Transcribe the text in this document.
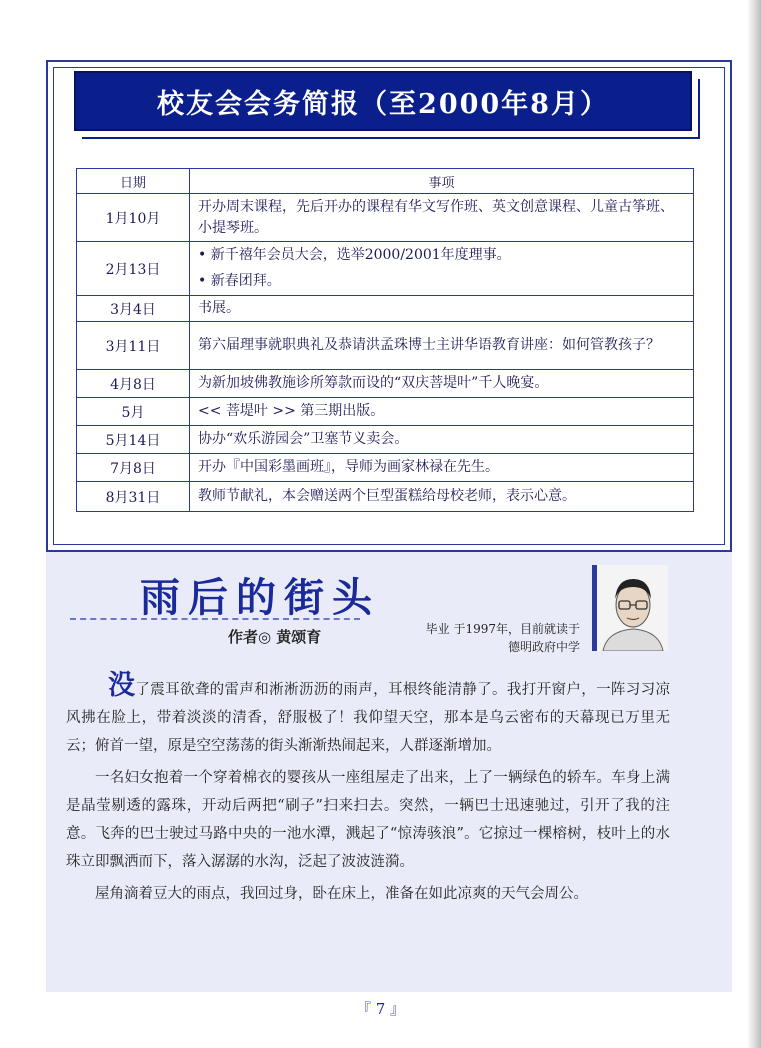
校友会会务简报（至2000年8月）
日期	事项
1月10月	开办周末课程，先后开办的课程有华文写作班、英文创意课程、儿童古筝班、小提琴班。
2月13日	• 新千禧年会员大会，选举2000/2001年度理事。
• 新春团拜。

3月4日	书展。
3月11日	第六届理事就职典礼及恭请洪孟珠博士主讲华语教育讲座：如何管教孩子？
4月8日	为新加坡佛教施诊所筹款而设的“双庆菩堤叶”千人晚宴。
5月	<< 菩堤叶 >> 第三期出版。
5月14日	协办“欢乐游园会”卫塞节义卖会。
7月8日	开办『中国彩墨画班』，导师为画家林禄在先生。
8月31日	教师节献礼，本会赠送两个巨型蛋糕给母校老师，表示心意。
雨后的街头
作者◎ 黄颂育	毕业 于1997年，目前就读于
德明政府中学

没了震耳欲聋的雷声和淅淅沥沥的雨声，耳根终能清静了。我打开窗户，一阵习习凉风拂在脸上，带着淡淡的清香，舒服极了！我仰望天空，那本是乌云密布的天幕现已万里无云；俯首一望，原是空空荡荡的街头渐渐热闹起来，人群逐渐增加。

一名妇女抱着一个穿着棉衣的婴孩从一座组屋走了出来，上了一辆绿色的轿车。车身上满是晶莹剔透的露珠，开动后两把“刷子”扫来扫去。突然，一辆巴士迅速驰过，引开了我的注意。飞奔的巴士驶过马路中央的一池水潭，溅起了“惊涛骇浪”。它掠过一棵榕树，枝叶上的水珠立即飘洒而下，落入潺潺的水沟，泛起了波波涟漪。

屋角滴着豆大的雨点，我回过身，卧在床上，准备在如此凉爽的天气会周公。

『 7 』
